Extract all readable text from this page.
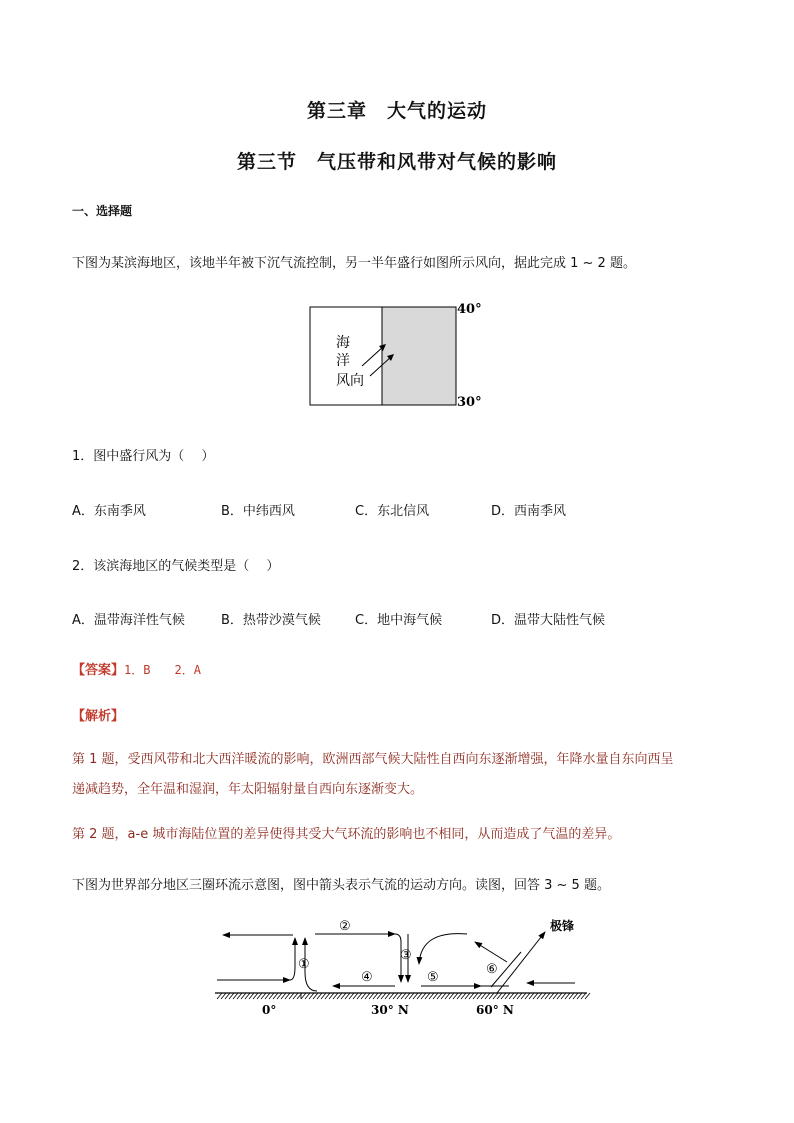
第三章　大气的运动
第三节　气压带和风带对气候的影响
一、选择题
下图为某滨海地区，该地半年被下沉气流控制，另一半年盛行如图所示风向，据此完成 1 ~ 2 题。
海
洋
风向
40°
30°
1．图中盛行风为（　 ）
A．东南季风	B．中纬西风	C．东北信风	D．西南季风
2．该滨海地区的气候类型是（　 ）
A．温带海洋性气候	B．热带沙漠气候	C．地中海气候	D．温带大陆性气候
【答案】1．B　　2．A
【解析】
第 1 题，受西风带和北大西洋暖流的影响，欧洲西部气候大陆性自西向东逐渐增强，年降水量自东向西呈
递减趋势，全年温和湿润，年太阳辐射量自西向东逐渐变大。
第 2 题，a-e 城市海陆位置的差异使得其受大气环流的影响也不相同，从而造成了气温的差异。
下图为世界部分地区三圈环流示意图，图中箭头表示气流的运动方向。读图，回答 3 ~ 5 题。
①
②
③
④	⑤
⑥
极锋
0°	30° N	60° N
